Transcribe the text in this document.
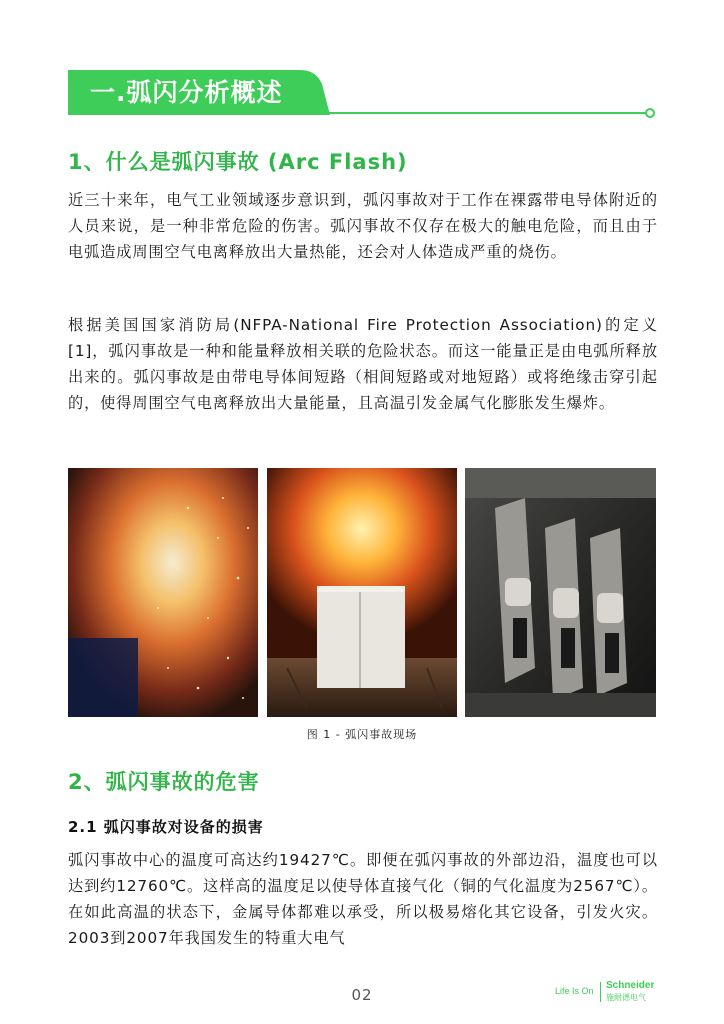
一.弧闪分析概述
1、什么是弧闪事故 (Arc Flash)
近三十来年，电气工业领域逐步意识到，弧闪事故对于工作在裸露带电导体附近的人员来说，是一种非常危险的伤害。弧闪事故不仅存在极大的触电危险，而且由于电弧造成周围空气电离释放出大量热能，还会对人体造成严重的烧伤。
根据美国国家消防局(NFPA-National Fire Protection Association)的定义[1]，弧闪事故是一种和能量释放相关联的危险状态。而这一能量正是由电弧所释放出来的。弧闪事故是由带电导体间短路（相间短路或对地短路）或将绝缘击穿引起的，使得周围空气电离释放出大量能量，且高温引发金属气化膨胀发生爆炸。
图 1 - 弧闪事故现场
2、弧闪事故的危害
2.1 弧闪事故对设备的损害
弧闪事故中心的温度可高达约19427℃。即便在弧闪事故的外部边沿，温度也可以达到约12760℃。这样高的温度足以使导体直接气化（铜的气化温度为2567℃）。在如此高温的状态下，金属导体都难以承受，所以极易熔化其它设备，引发火灾。2003到2007年我国发生的特重大电气
02	Life Is On Schneider
施耐德电气
